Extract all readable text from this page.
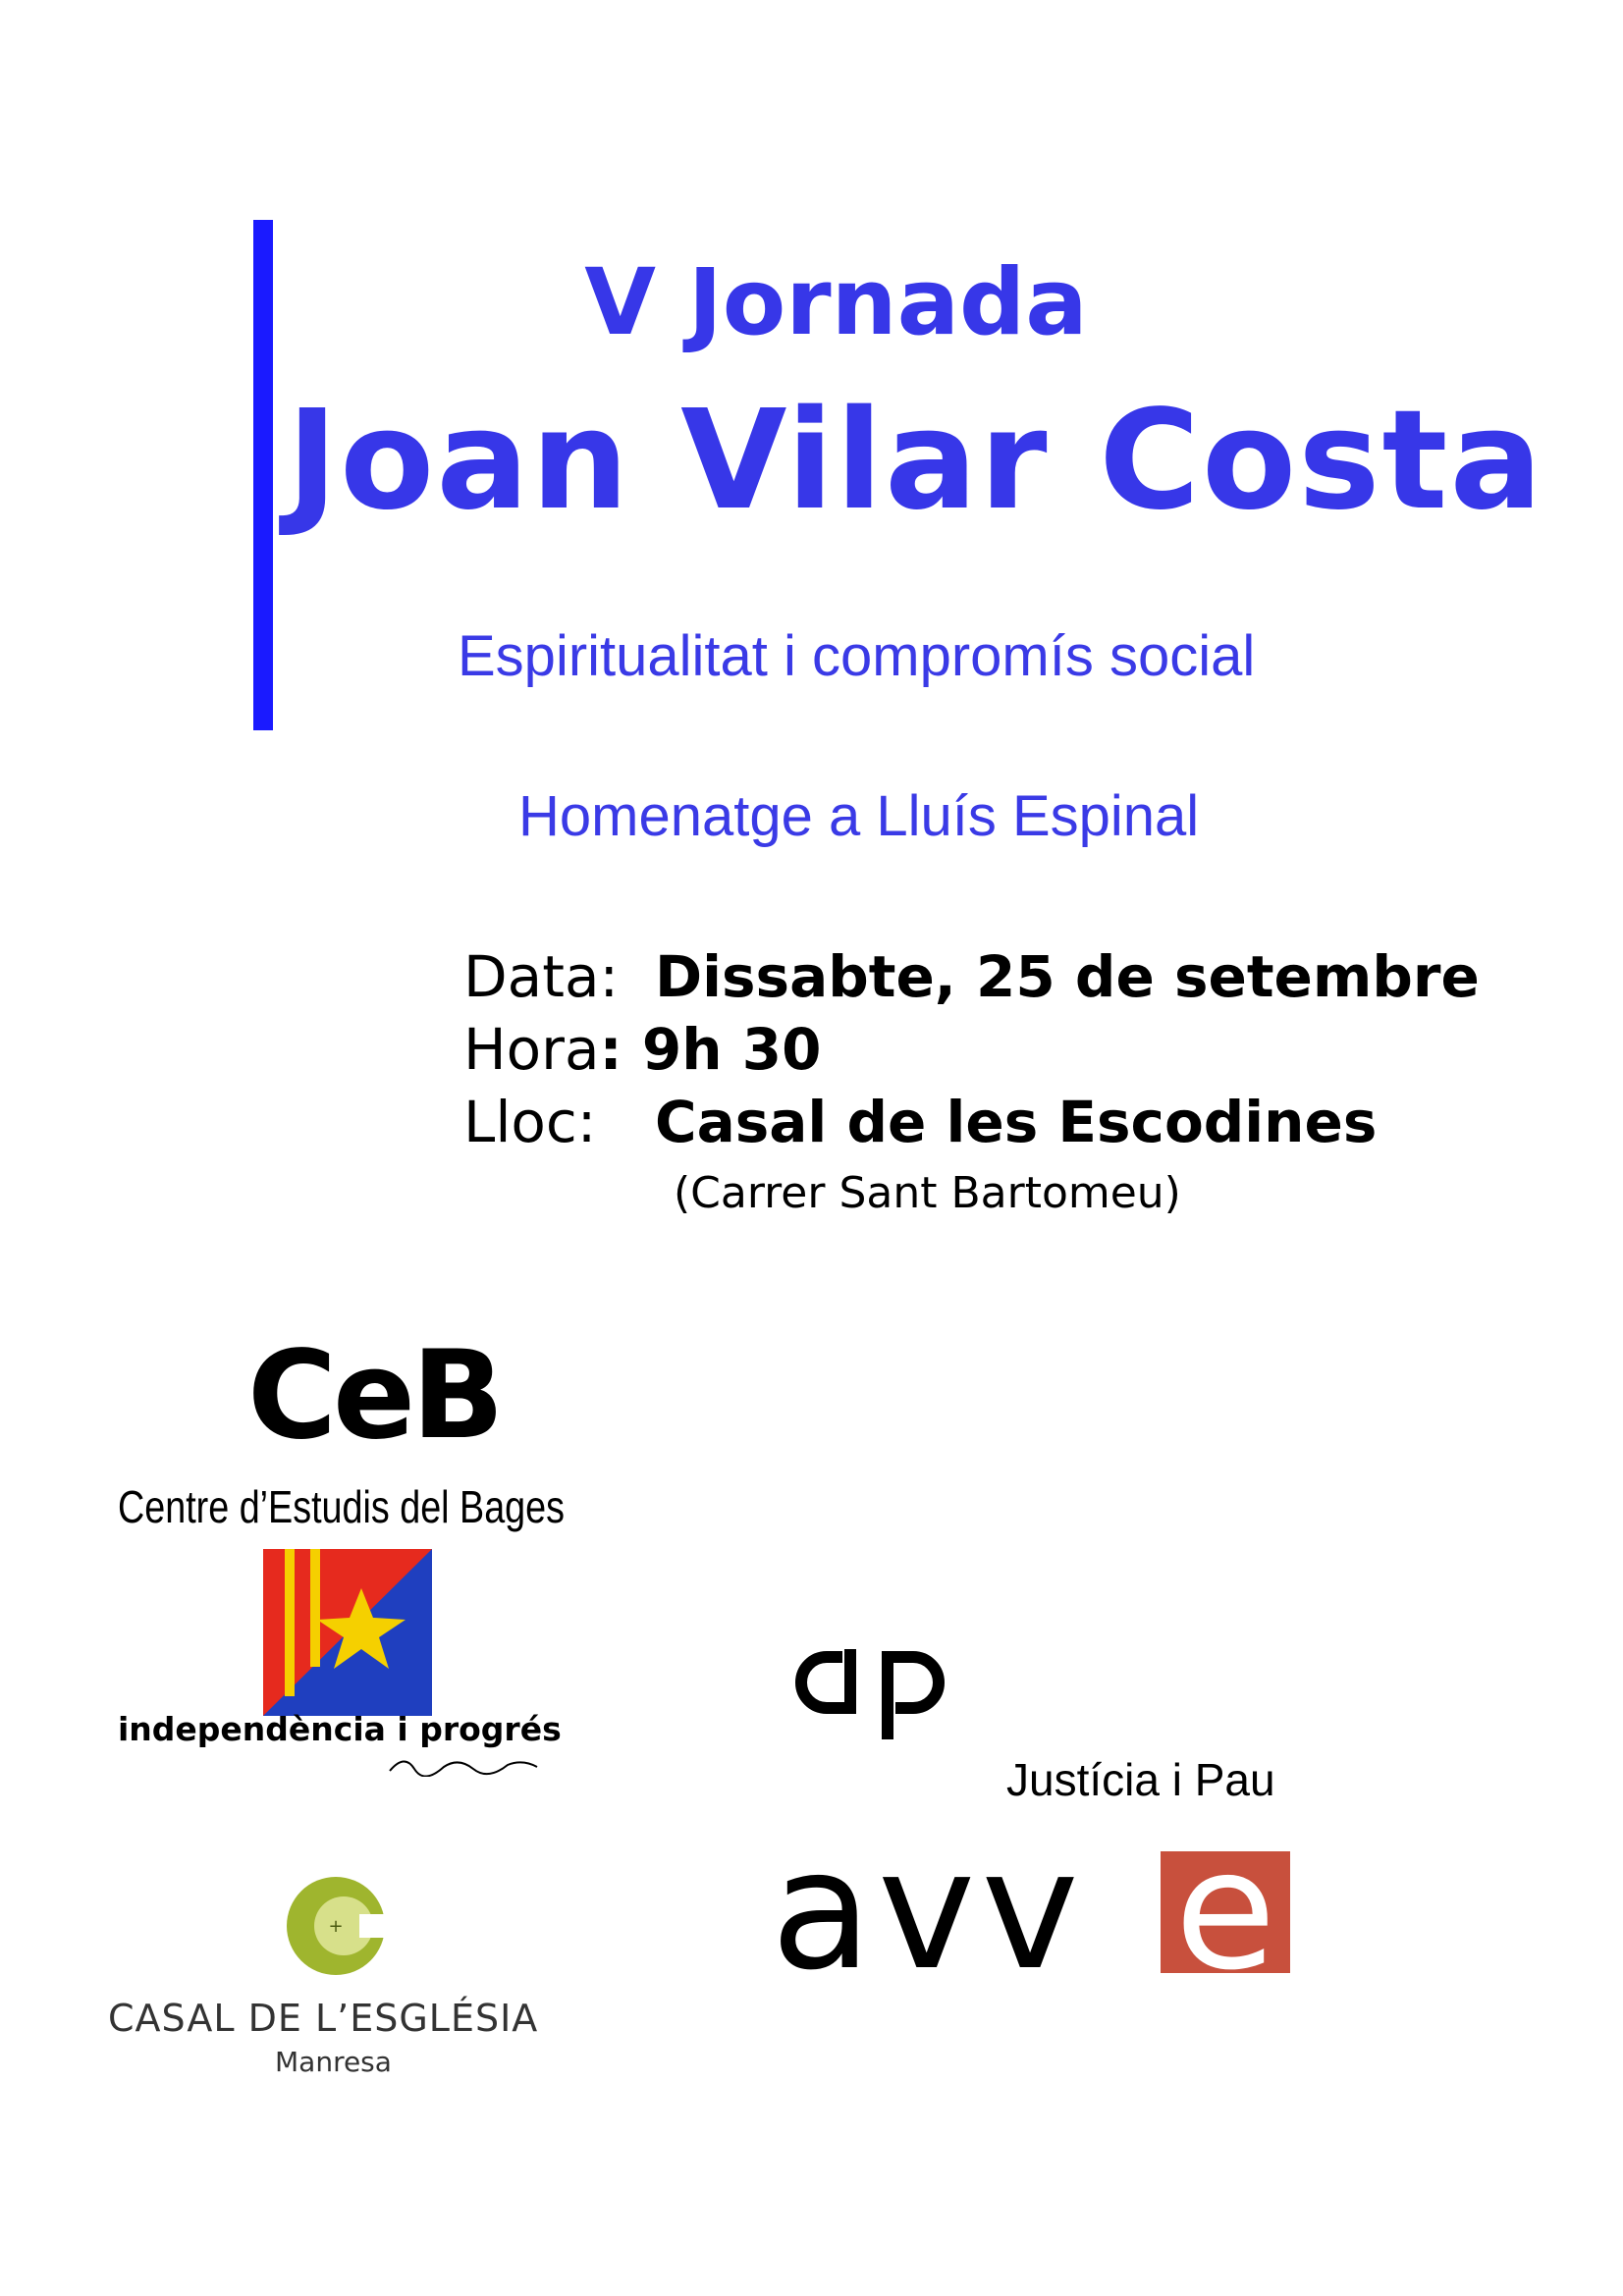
V Jornada
Joan Vilar Costa
Espiritualitat i compromís social
Homenatge a Lluís Espinal
Data: Dissabte, 25 de setembre
Hora: 9h 30
Lloc: Casal de les Escodines
(Carrer Sant Bartomeu)
CeB
Centre d’Estudis del Bages
independència i progrés
+
CASAL DE L’ESGLÉSIA
Manresa
Justícia i Pau
avv e
